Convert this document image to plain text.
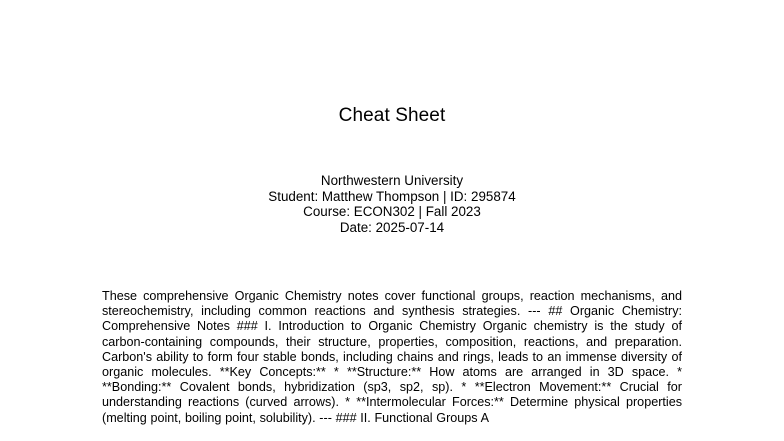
Cheat Sheet
Northwestern University
Student: Matthew Thompson | ID: 295874
Course: ECON302 | Fall 2023
Date: 2025-07-14
These comprehensive Organic Chemistry notes cover functional groups, reaction mechanisms, and stereochemistry, including common reactions and synthesis strategies. --- ## Organic Chemistry: Comprehensive Notes ### I. Introduction to Organic Chemistry Organic chemistry is the study of carbon-containing compounds, their structure, properties, composition, reactions, and preparation. Carbon's ability to form four stable bonds, including chains and rings, leads to an immense diversity of organic molecules. **Key Concepts:** * **Structure:** How atoms are arranged in 3D space. * **Bonding:** Covalent bonds, hybridization (sp3, sp2, sp). * **Electron Movement:** Crucial for understanding reactions (curved arrows). * **Intermolecular Forces:** Determine physical properties (melting point, boiling point, solubility). --- ### II. Functional Groups A
